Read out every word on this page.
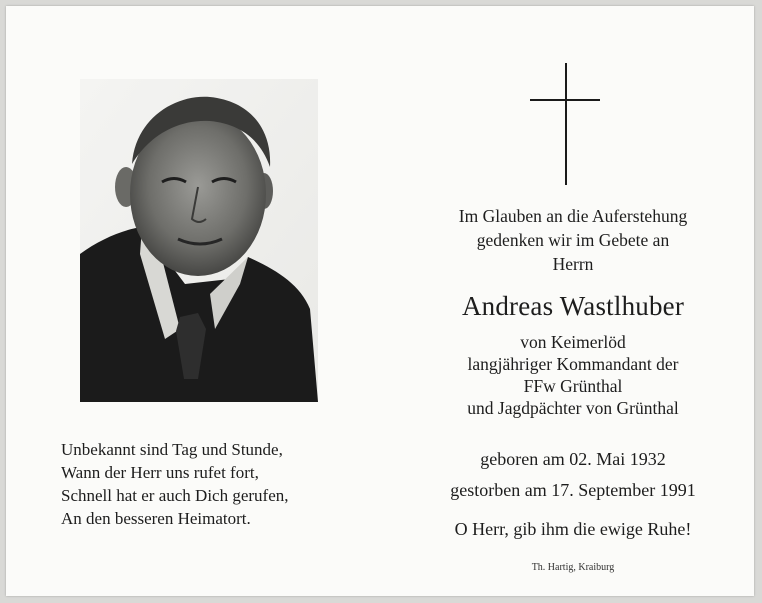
Im Glauben an die Auferstehung
gedenken wir im Gebete an
Herrn
Andreas Wastlhuber
von Keimerlöd
langjähriger Kommandant der
FFw Grünthal
und Jagdpächter von Grünthal
geboren am 02. Mai 1932
gestorben am 17. September 1991
O Herr, gib ihm die ewige Ruhe!
Th. Hartig, Kraiburg
Unbekannt sind Tag und Stunde,
Wann der Herr uns rufet fort,
Schnell hat er auch Dich gerufen,
An den besseren Heimatort.
